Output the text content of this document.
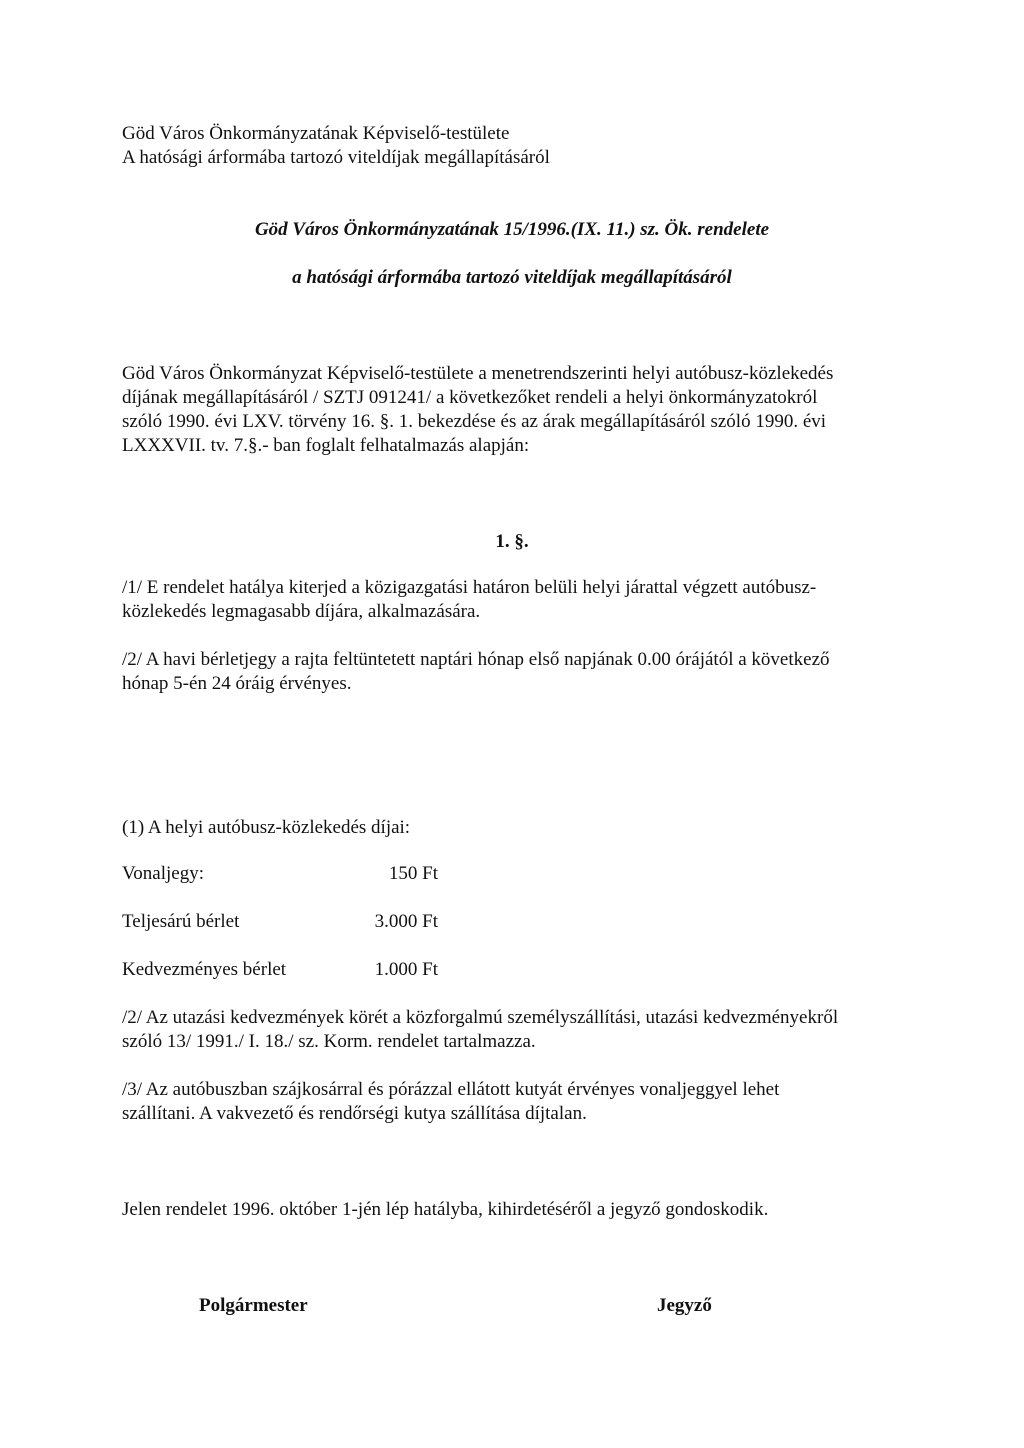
Göd Város Önkormányzatának Képviselő-testülete
A hatósági árformába tartozó viteldíjak megállapításáról
Göd Város Önkormányzatának 15/1996.(IX. 11.) sz. Ök. rendelete
a hatósági árformába tartozó viteldíjak megállapításáról
Göd Város Önkormányzat Képviselő-testülete a menetrendszerinti helyi autóbusz-közlekedés
díjának megállapításáról / SZTJ 091241/ a következőket rendeli a helyi önkormányzatokról
szóló 1990. évi LXV. törvény 16. §. 1. bekezdése és az árak megállapításáról szóló 1990. évi
LXXXVII. tv. 7.§.- ban foglalt felhatalmazás alapján:
1. §.
/1/ E rendelet hatálya kiterjed a közigazgatási határon belüli helyi járattal végzett autóbusz-
közlekedés legmagasabb díjára, alkalmazására.
/2/ A havi bérletjegy a rajta feltüntetett naptári hónap első napjának 0.00 órájától a következő
hónap 5-én 24 óráig érvényes.
(1) A helyi autóbusz-közlekedés díjai:
Vonaljegy:	150 Ft
Teljesárú bérlet	3.000 Ft
Kedvezményes bérlet	1.000 Ft
/2/ Az utazási kedvezmények körét a közforgalmú személyszállítási, utazási kedvezményekről
szóló 13/ 1991./ I. 18./ sz. Korm. rendelet tartalmazza.
/3/ Az autóbuszban szájkosárral és pórázzal ellátott kutyát érvényes vonaljeggyel lehet
szállítani. A vakvezető és rendőrségi kutya szállítása díjtalan.
Jelen rendelet 1996. október 1-jén lép hatályba, kihirdetéséről a jegyző gondoskodik.
Polgármester	Jegyző
